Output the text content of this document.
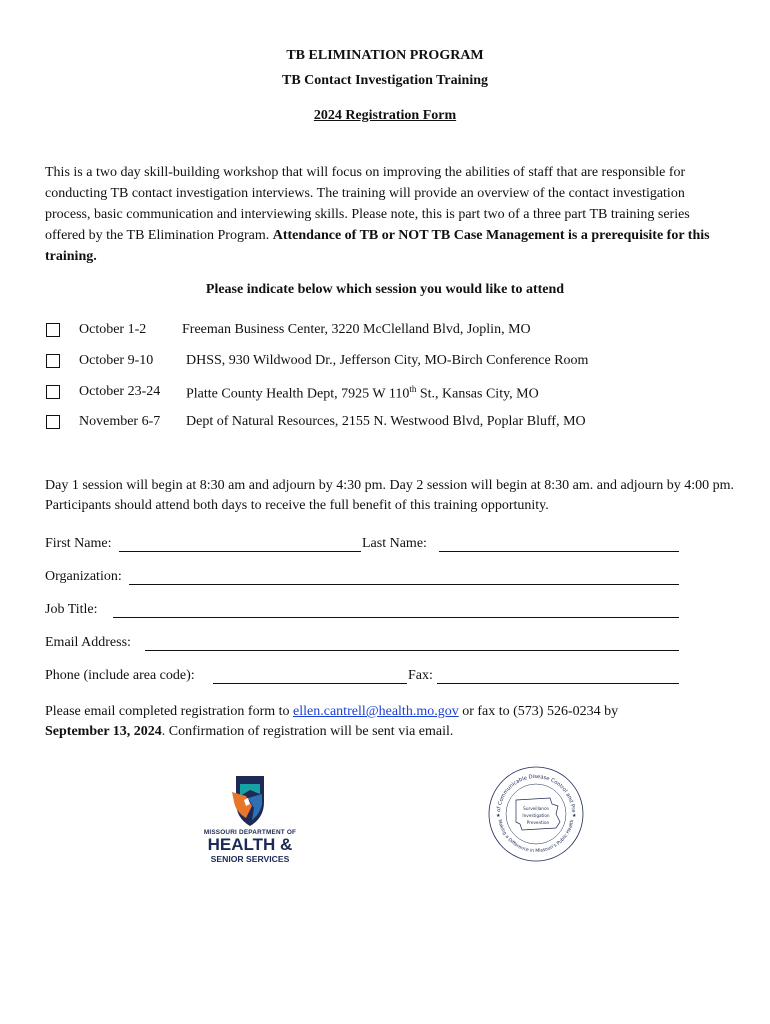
TB ELIMINATION PROGRAM
TB Contact Investigation Training
2024 Registration Form
This is a two day skill-building workshop that will focus on improving the abilities of staff that are responsible for conducting TB contact investigation interviews. The training will provide an overview of the contact investigation process, basic communication and interviewing skills. Please note, this is part two of a three part TB training series offered by the TB Elimination Program. Attendance of TB or NOT TB Case Management is a prerequisite for this training.
Please indicate below which session you would like to attend
October 1-2	Freeman Business Center, 3220 McClelland Blvd, Joplin, MO
October 9-10 DHSS, 930 Wildwood Dr., Jefferson City, MO-Birch Conference Room
October 23-24 Platte County Health Dept, 7925 W 110th St., Kansas City, MO
November 6-7 Dept of Natural Resources, 2155 N. Westwood Blvd, Poplar Bluff, MO
Day 1 session will begin at 8:30 am and adjourn by 4:30 pm. Day 2 session will begin at 8:30 am. and adjourn by 4:00 pm. Participants should attend both days to receive the full benefit of this training opportunity.
First Name:	Last Name:
Organization:
Job Title:
Email Address:
Phone (include area code):	Fax:
Please email completed registration form to ellen.cantrell@health.mo.gov or fax to (573) 526-0234 by
September 13, 2024. Confirmation of registration will be sent via email.
MISSOURI DEPARTMENT OF
HEALTH &
SENIOR SERVICES
of Communicable Disease Control and Pre
Making a Difference in Missouri's Public Health
Surveillance
Investigation
Prevention
★	★
